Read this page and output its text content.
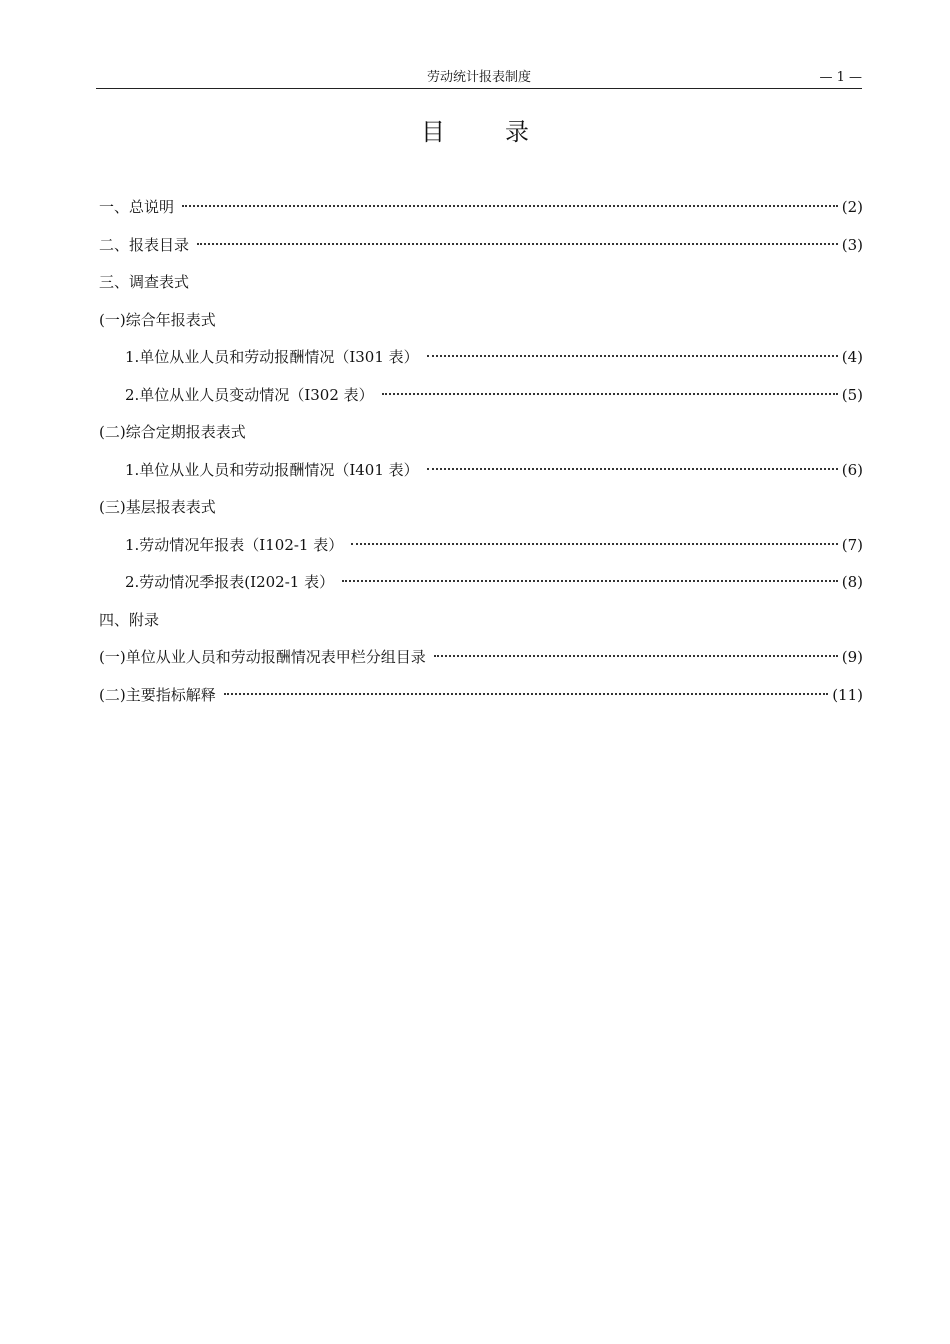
劳动统计报表制度	— 1 —
目	录
一、总说明	(2)
二、报表目录	(3)
三、调查表式
(一)综合年报表式
1.单位从业人员和劳动报酬情况（I301 表）	(4)
2.单位从业人员变动情况（I302 表）	(5)
(二)综合定期报表表式
1.单位从业人员和劳动报酬情况（I401 表）	(6)
(三)基层报表表式
1.劳动情况年报表（I102-1 表）	(7)
2.劳动情况季报表(I202-1 表）	(8)
四、附录
(一)单位从业人员和劳动报酬情况表甲栏分组目录	(9)
(二)主要指标解释	(11)
